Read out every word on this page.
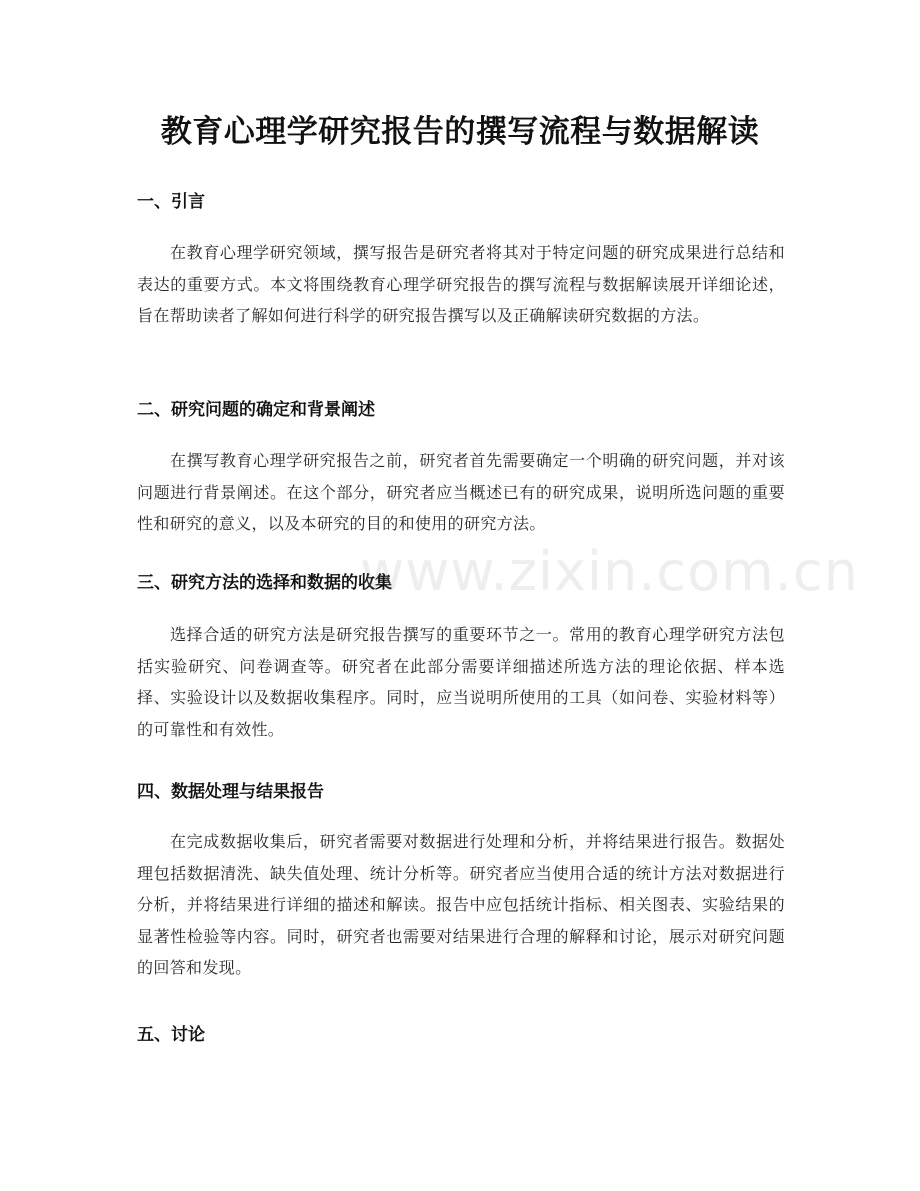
教育心理学研究报告的撰写流程与数据解读
一、引言

在教育心理学研究领域，撰写报告是研究者将其对于特定问题的研究成果进行总结和表达的重要方式。本文将围绕教育心理学研究报告的撰写流程与数据解读展开详细论述，旨在帮助读者了解如何进行科学的研究报告撰写以及正确解读研究数据的方法。

二、研究问题的确定和背景阐述

在撰写教育心理学研究报告之前，研究者首先需要确定一个明确的研究问题，并对该问题进行背景阐述。在这个部分，研究者应当概述已有的研究成果，说明所选问题的重要性和研究的意义，以及本研究的目的和使用的研究方法。

三、研究方法的选择和数据的收集

选择合适的研究方法是研究报告撰写的重要环节之一。常用的教育心理学研究方法包括实验研究、问卷调查等。研究者在此部分需要详细描述所选方法的理论依据、样本选择、实验设计以及数据收集程序。同时，应当说明所使用的工具（如问卷、实验材料等）的可靠性和有效性。

四、数据处理与结果报告

在完成数据收集后，研究者需要对数据进行处理和分析，并将结果进行报告。数据处理包括数据清洗、缺失值处理、统计分析等。研究者应当使用合适的统计方法对数据进行分析，并将结果进行详细的描述和解读。报告中应包括统计指标、相关图表、实验结果的显著性检验等内容。同时，研究者也需要对结果进行合理的解释和讨论，展示对研究问题的回答和发现。

五、讨论
www.zixin.com.cn
